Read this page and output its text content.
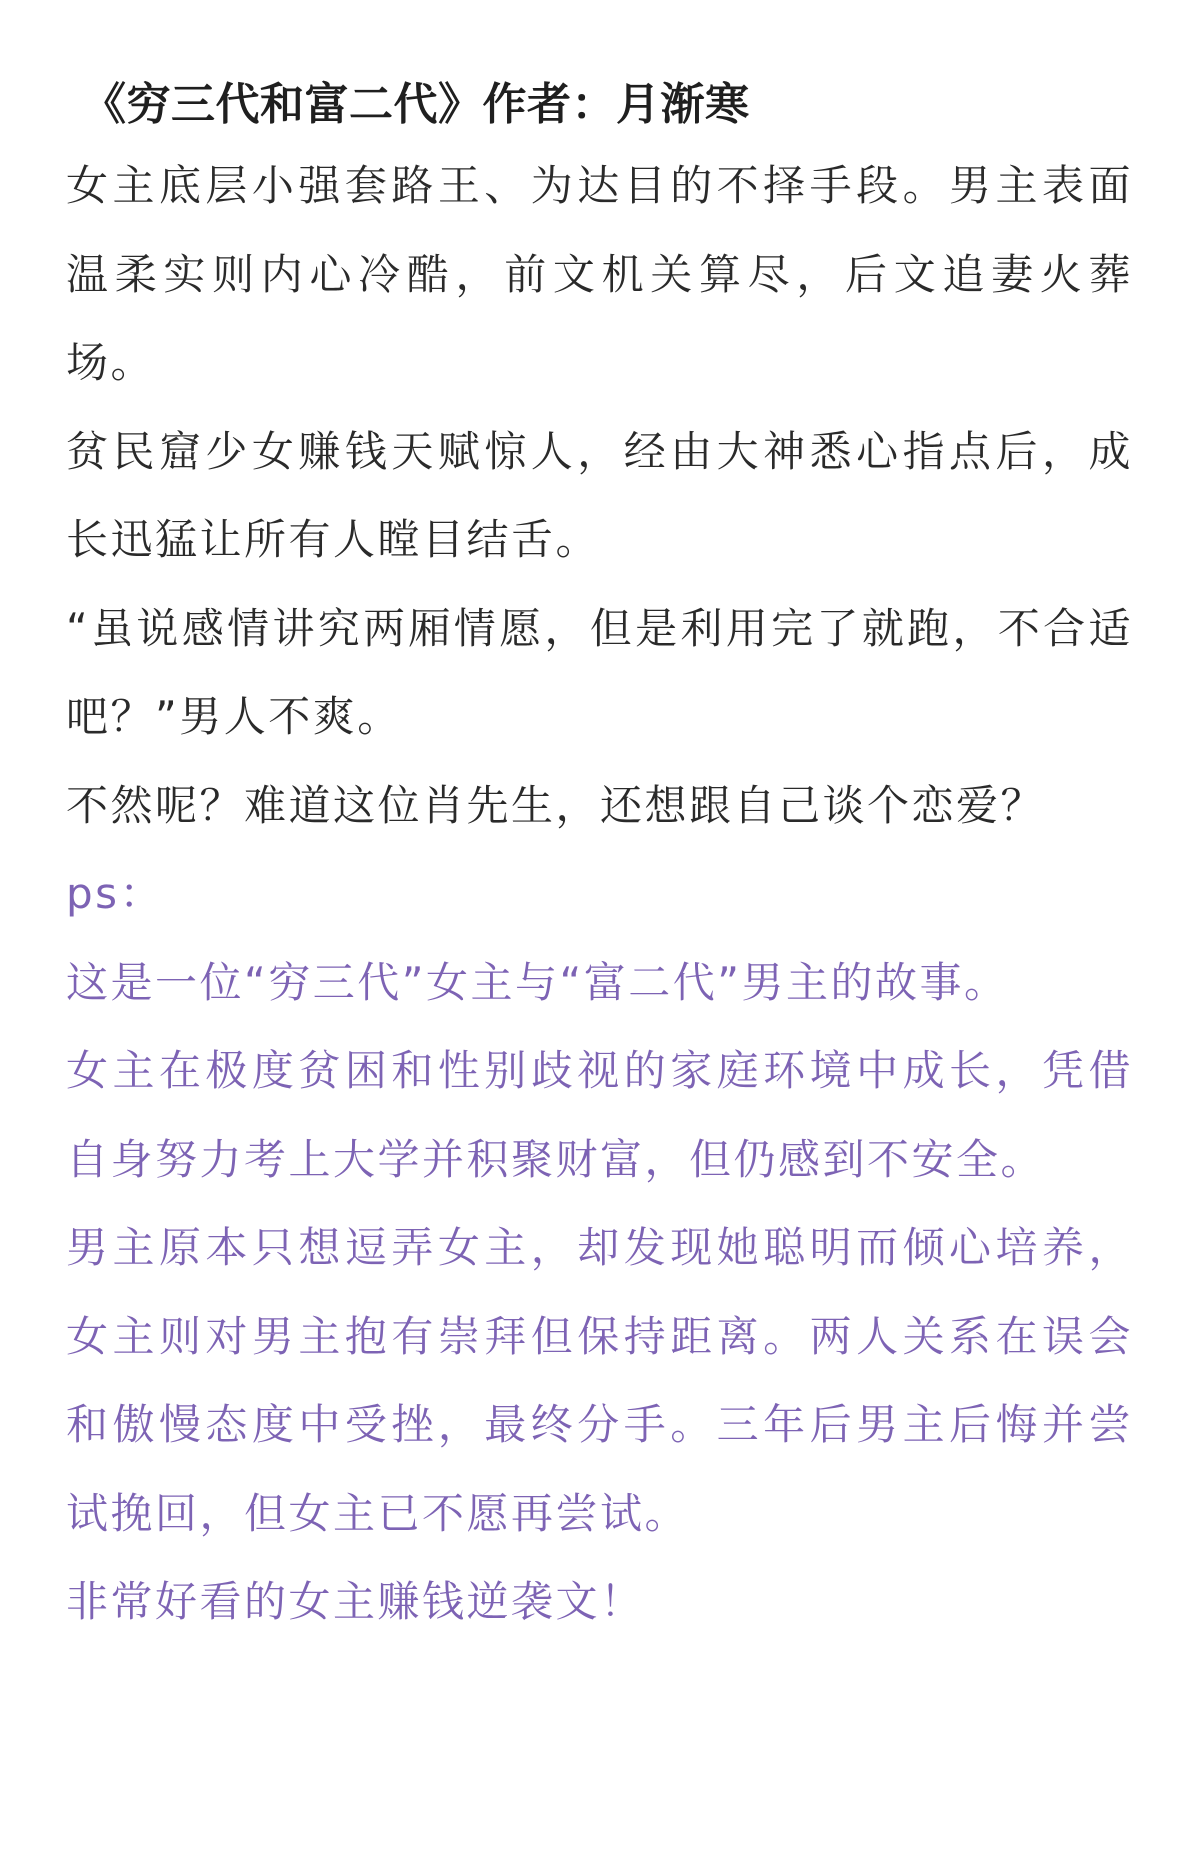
《穷三代和富二代》作者：月渐寒

女主底层小强套路王、为达目的不择手段。男主表面温柔实则内心冷酷，前文机关算尽，后文追妻火葬场。

贫民窟少女赚钱天赋惊人，经由大神悉心指点后，成长迅猛让所有人瞠目结舌。

“虽说感情讲究两厢情愿，但是利用完了就跑，不合适吧？”男人不爽。

不然呢？难道这位肖先生，还想跟自己谈个恋爱？

ps：

这是一位“穷三代”女主与“富二代”男主的故事。

女主在极度贫困和性别歧视的家庭环境中成长，凭借自身努力考上大学并积聚财富，但仍感到不安全。

男主原本只想逗弄女主，却发现她聪明而倾心培养，女主则对男主抱有崇拜但保持距离。两人关系在误会和傲慢态度中受挫，最终分手。三年后男主后悔并尝试挽回，但女主已不愿再尝试。

非常好看的女主赚钱逆袭文！
